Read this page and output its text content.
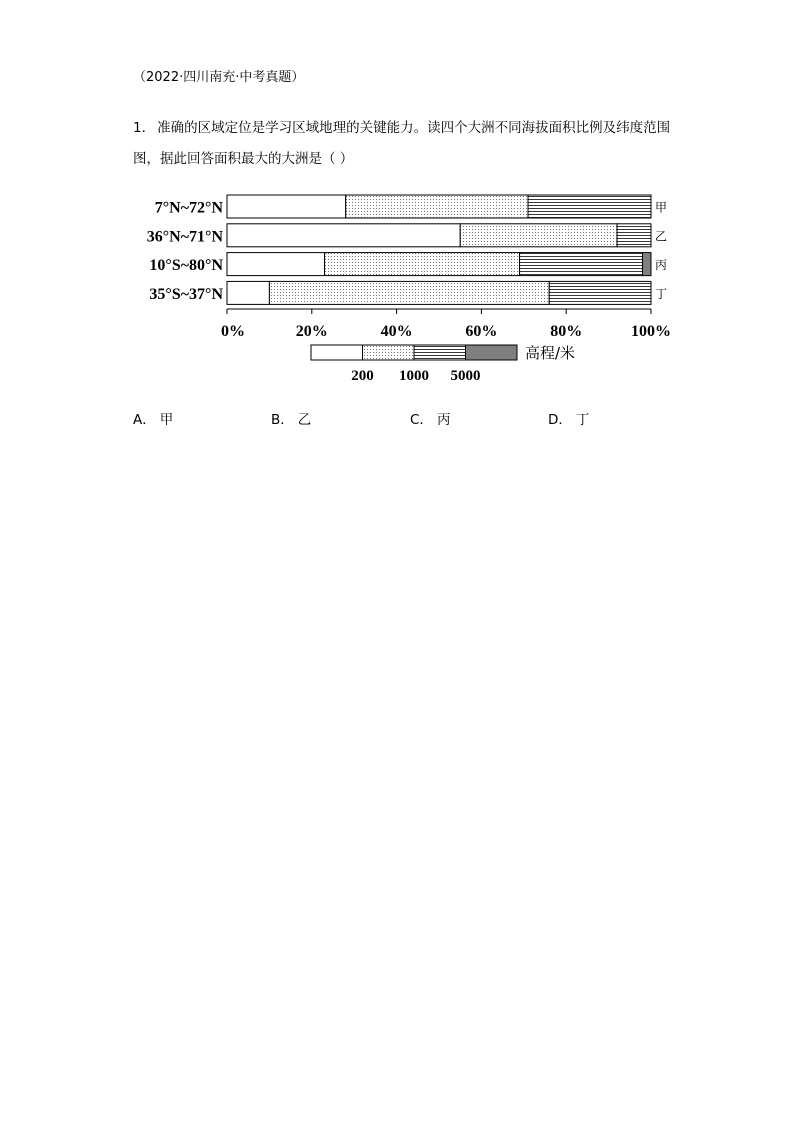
（2022·四川南充·中考真题）
1． 准确的区域定位是学习区域地理的关键能力。读四个大洲不同海拔面积比例及纬度范围图，据此回答面积最大的大洲是（ ）
7°N~72°N	甲
36°N~71°N	乙
10°S~80°N	丙
35°S~37°N	丁
0%	20%	40%	60%	80%	100%
高程/米
200 1000 5000
A． 甲	B． 乙	C． 丙	D． 丁
